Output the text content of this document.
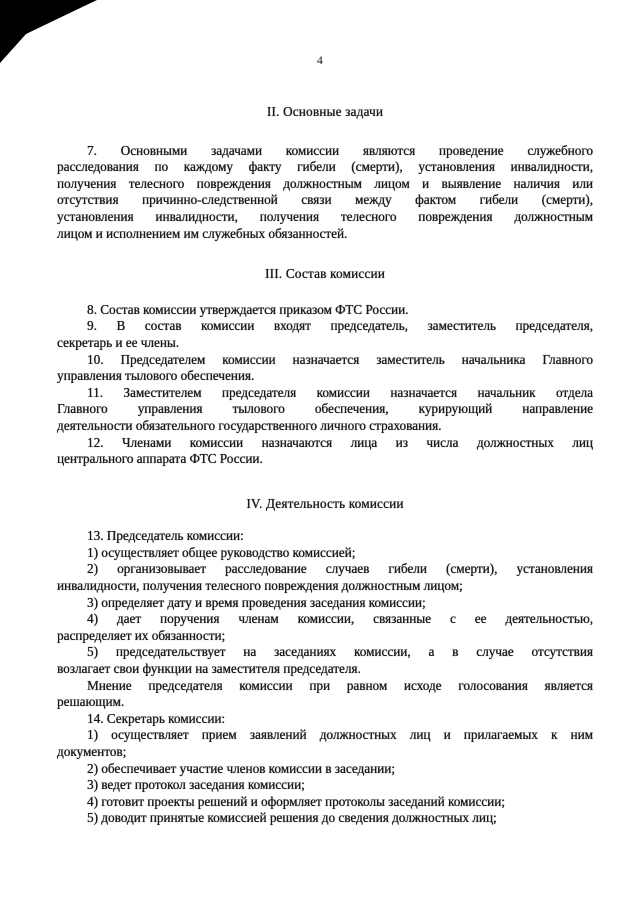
4
II. Основные задачи
7. Основными задачами комиссии являются проведение служебного
расследования по каждому факту гибели (смерти), установления инвалидности,
получения телесного повреждения должностным лицом и выявление наличия или
отсутствия причинно-следственной связи между фактом гибели (смерти),
установления инвалидности, получения телесного повреждения должностным
лицом и исполнением им служебных обязанностей.
III. Состав комиссии
8. Состав комиссии утверждается приказом ФТС России.
9. В состав комиссии входят председатель, заместитель председателя,
секретарь и ее члены.
10. Председателем комиссии назначается заместитель начальника Главного
управления тылового обеспечения.
11. Заместителем председателя комиссии назначается начальник отдела
Главного управления тылового обеспечения, курирующий направление
деятельности обязательного государственного личного страхования.
12. Членами комиссии назначаются лица из числа должностных лиц
центрального аппарата ФТС России.
IV. Деятельность комиссии
13. Председатель комиссии:
1) осуществляет общее руководство комиссией;
2) организовывает расследование случаев гибели (смерти), установления
инвалидности, получения телесного повреждения должностным лицом;
3) определяет дату и время проведения заседания комиссии;
4) дает поручения членам комиссии, связанные с ее деятельностью,
распределяет их обязанности;
5) председательствует на заседаниях комиссии, а в случае отсутствия
возлагает свои функции на заместителя председателя.
Мнение председателя комиссии при равном исходе голосования является
решающим.
14. Секретарь комиссии:
1) осуществляет прием заявлений должностных лиц и прилагаемых к ним
документов;
2) обеспечивает участие членов комиссии в заседании;
3) ведет протокол заседания комиссии;
4) готовит проекты решений и оформляет протоколы заседаний комиссии;
5) доводит принятые комиссией решения до сведения должностных лиц;
